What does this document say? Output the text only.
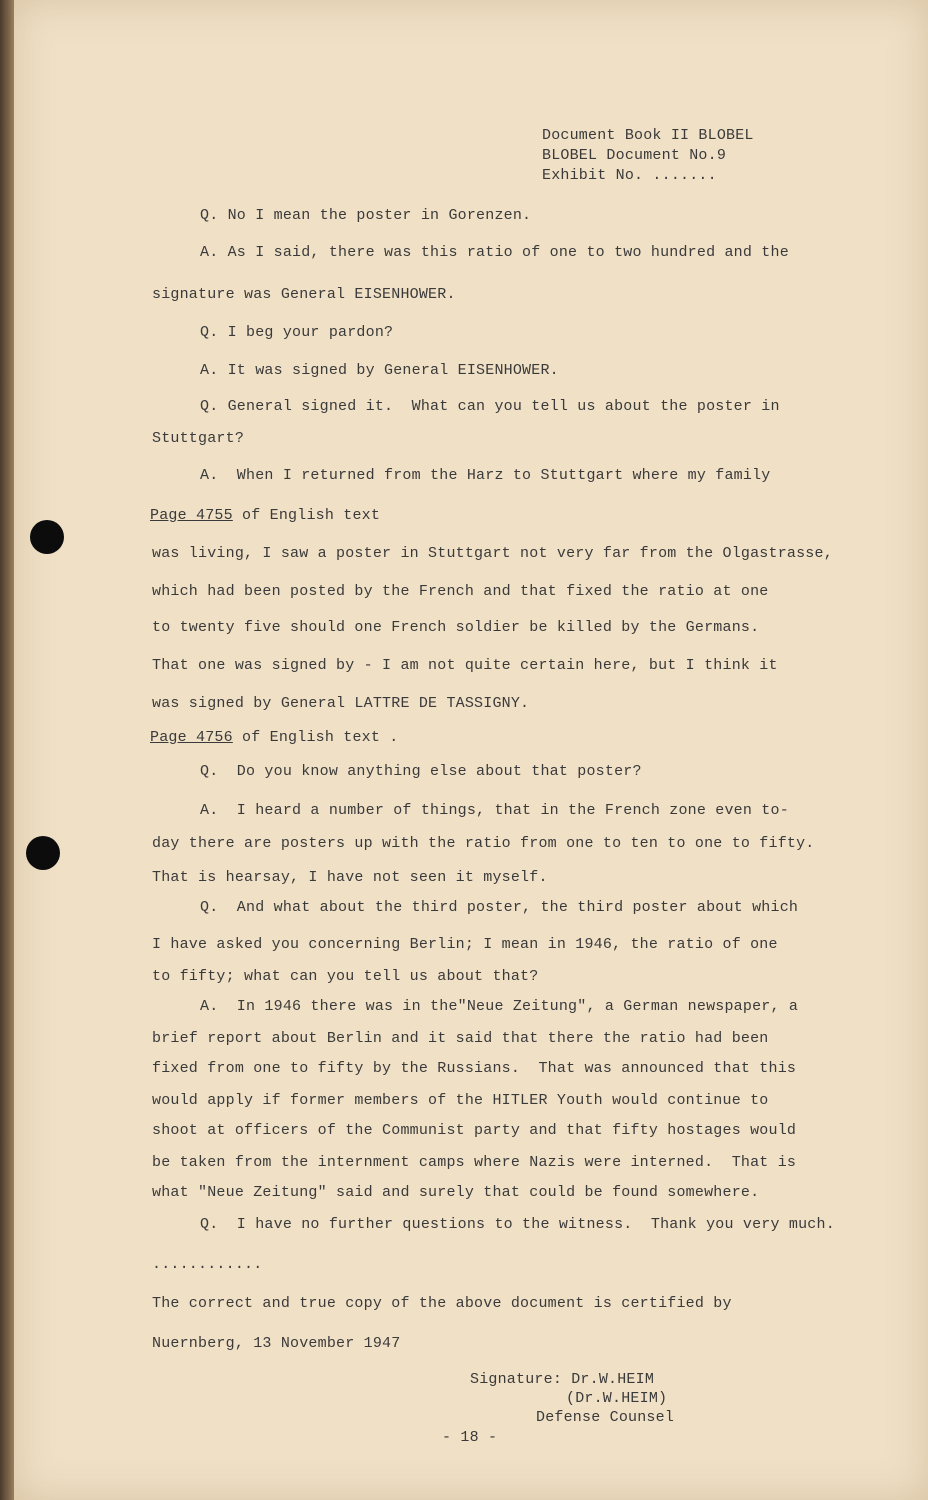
Document Book II BLOBEL
BLOBEL Document No.9
Exhibit No. .......
Q. No I mean the poster in Gorenzen.
A. As I said, there was this ratio of one to two hundred and the
signature was General EISENHOWER.
Q. I beg your pardon?
A. It was signed by General EISENHOWER.
Q. General signed it.  What can you tell us about the poster in
Stuttgart?
A.  When I returned from the Harz to Stuttgart where my family
Page 4755 of English text
was living, I saw a poster in Stuttgart not very far from the Olgastrasse,
which had been posted by the French and that fixed the ratio at one
to twenty five should one French soldier be killed by the Germans.
That one was signed by - I am not quite certain here, but I think it
was signed by General LATTRE DE TASSIGNY.
Page 4756 of English text .
Q.  Do you know anything else about that poster?
A.  I heard a number of things, that in the French zone even to-
day there are posters up with the ratio from one to ten to one to fifty.
That is hearsay, I have not seen it myself.
Q.  And what about the third poster, the third poster about which
I have asked you concerning Berlin; I mean in 1946, the ratio of one
to fifty; what can you tell us about that?
A.  In 1946 there was in the"Neue Zeitung", a German newspaper, a
brief report about Berlin and it said that there the ratio had been
fixed from one to fifty by the Russians.  That was announced that this
would apply if former members of the HITLER Youth would continue to
shoot at officers of the Communist party and that fifty hostages would
be taken from the internment camps where Nazis were interned.  That is
what "Neue Zeitung" said and surely that could be found somewhere.
Q.  I have no further questions to the witness.  Thank you very much.
............
The correct and true copy of the above document is certified by
Nuernberg, 13 November 1947
Signature: Dr.W.HEIM
(Dr.W.HEIM)
Defense Counsel
- 18 -
